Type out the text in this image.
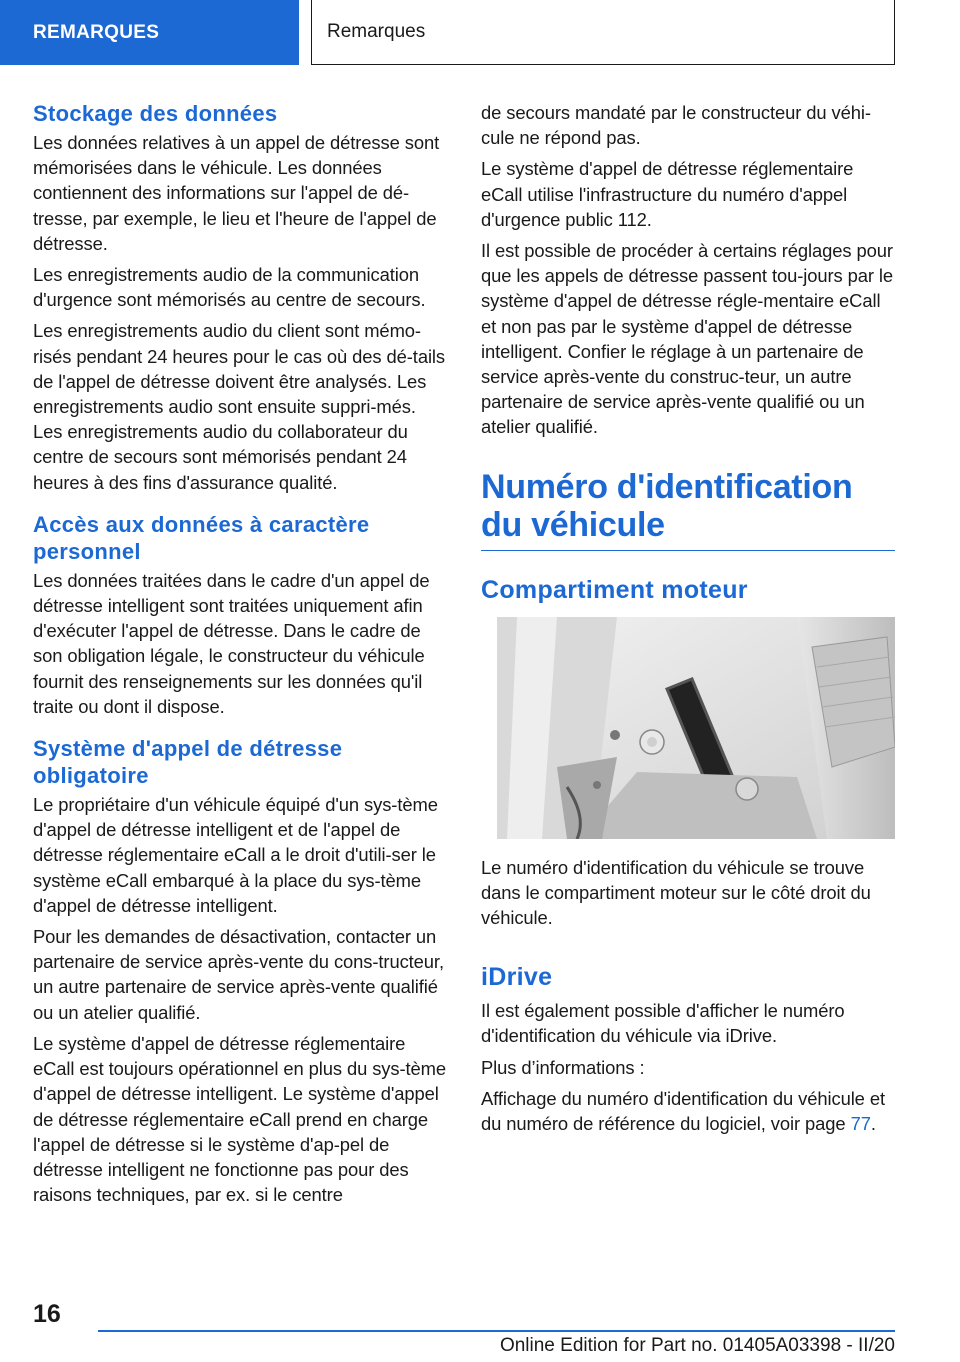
REMARQUES	Remarques
Stockage des données

Les données relatives à un appel de détresse sont mémorisées dans le véhicule. Les données contiennent des informations sur l'appel de dé-tresse, par exemple, le lieu et l'heure de l'appel de détresse.

Les enregistrements audio de la communication d'urgence sont mémorisés au centre de secours.

Les enregistrements audio du client sont mémo-risés pendant 24 heures pour le cas où des dé-tails de l'appel de détresse doivent être analysés. Les enregistrements audio sont ensuite suppri-més. Les enregistrements audio du collaborateur du centre de secours sont mémorisés pendant 24 heures à des fins d'assurance qualité.

Accès aux données à caractère personnel

Les données traitées dans le cadre d'un appel de détresse intelligent sont traitées uniquement afin d'exécuter l'appel de détresse. Dans le cadre de son obligation légale, le constructeur du véhicule fournit des renseignements sur les données qu'il traite ou dont il dispose.

Système d'appel de détresse obligatoire

Le propriétaire d'un véhicule équipé d'un sys-tème d'appel de détresse intelligent et de l'appel de détresse réglementaire eCall a le droit d'utili-ser le système eCall embarqué à la place du sys-tème d'appel de détresse intelligent.

Pour les demandes de désactivation, contacter un partenaire de service après-vente du cons-tructeur, un autre partenaire de service après-vente qualifié ou un atelier qualifié.

Le système d'appel de détresse réglementaire eCall est toujours opérationnel en plus du sys-tème d'appel de détresse intelligent. Le système d'appel de détresse réglementaire eCall prend en charge l'appel de détresse si le système d'ap-pel de détresse intelligent ne fonctionne pas pour des raisons techniques, par ex. si le centre

de secours mandaté par le constructeur du véhi-cule ne répond pas.

Le système d'appel de détresse réglementaire eCall utilise l'infrastructure du numéro d'appel d'urgence public 112.

Il est possible de procéder à certains réglages pour que les appels de détresse passent tou-jours par le système d'appel de détresse régle-mentaire eCall et non pas par le système d'appel de détresse intelligent. Confier le réglage à un partenaire de service après-vente du construc-teur, un autre partenaire de service après-vente qualifié ou un atelier qualifié.

Numéro d'identification du véhicule
Compartiment moteur

Le numéro d'identification du véhicule se trouve dans le compartiment moteur sur le côté droit du véhicule.

iDrive

Il est également possible d'afficher le numéro d'identification du véhicule via iDrive.

Plus d’informations :

Affichage du numéro d'identification du véhicule et du numéro de référence du logiciel, voir page 77.

16
Online Edition for Part no. 01405A03398 - II/20
